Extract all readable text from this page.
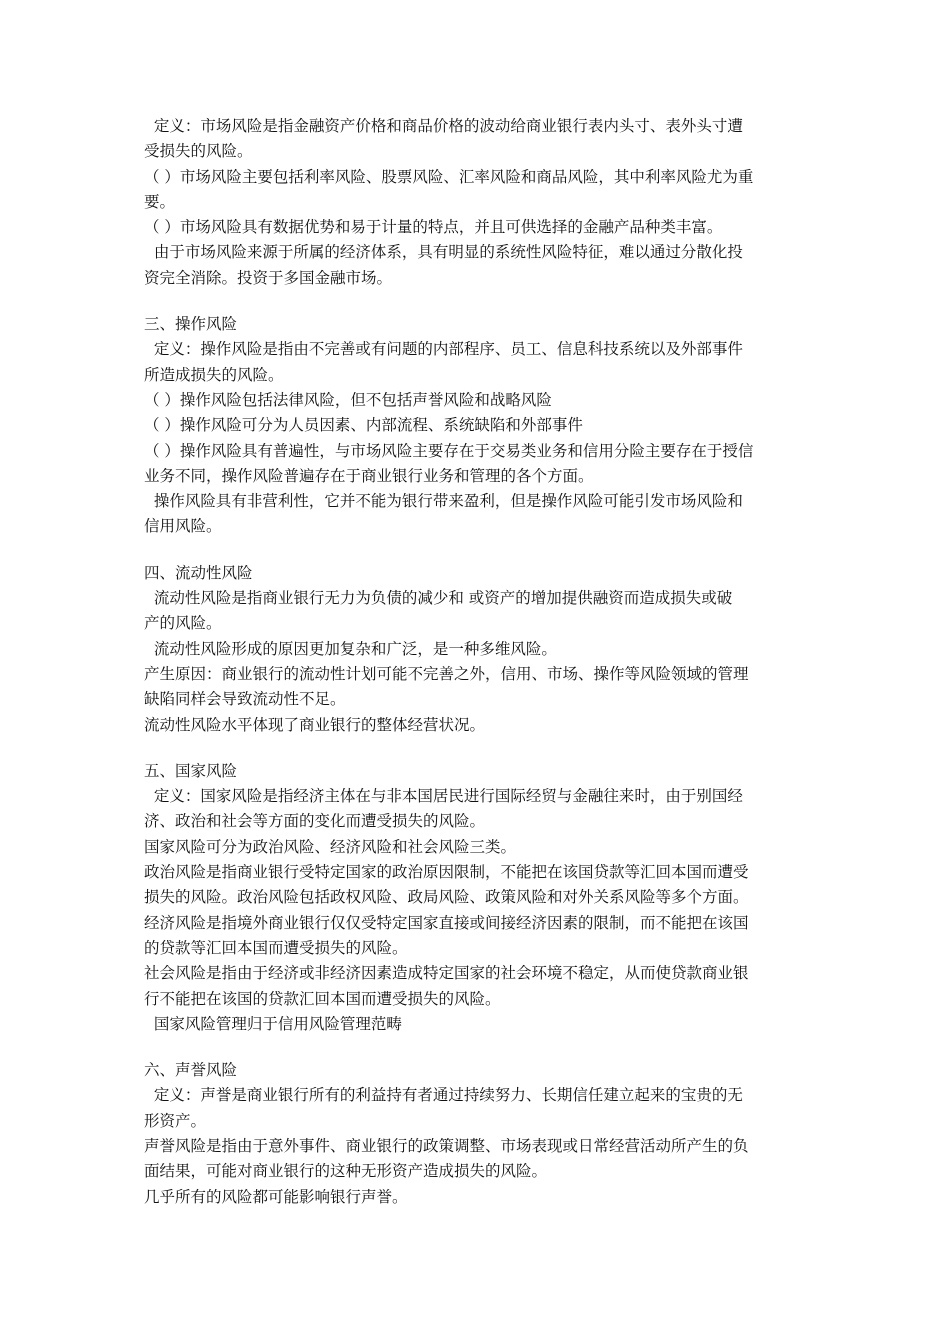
定义：市场风险是指金融资产价格和商品价格的波动给商业银行表内头寸、表外头寸遭
受损失的风险。
（ ）市场风险主要包括利率风险、股票风险、汇率风险和商品风险，其中利率风险尤为重
要。
（ ）市场风险具有数据优势和易于计量的特点，并且可供选择的金融产品种类丰富。
由于市场风险来源于所属的经济体系，具有明显的系统性风险特征，难以通过分散化投
资完全消除。投资于多国金融市场。
三、操作风险
定义：操作风险是指由不完善或有问题的内部程序、员工、信息科技系统以及外部事件
所造成损失的风险。
（ ）操作风险包括法律风险，但不包括声誉风险和战略风险
（ ）操作风险可分为人员因素、内部流程、系统缺陷和外部事件
（ ）操作风险具有普遍性，与市场风险主要存在于交易类业务和信用分险主要存在于授信
业务不同，操作风险普遍存在于商业银行业务和管理的各个方面。
操作风险具有非营利性，它并不能为银行带来盈利，但是操作风险可能引发市场风险和
信用风险。
四、流动性风险
流动性风险是指商业银行无力为负债的减少和 或资产的增加提供融资而造成损失或破
产的风险。
流动性风险形成的原因更加复杂和广泛，是一种多维风险。
产生原因：商业银行的流动性计划可能不完善之外，信用、市场、操作等风险领域的管理
缺陷同样会导致流动性不足。
流动性风险水平体现了商业银行的整体经营状况。
五、国家风险
定义：国家风险是指经济主体在与非本国居民进行国际经贸与金融往来时，由于别国经
济、政治和社会等方面的变化而遭受损失的风险。
国家风险可分为政治风险、经济风险和社会风险三类。
政治风险是指商业银行受特定国家的政治原因限制，不能把在该国贷款等汇回本国而遭受
损失的风险。政治风险包括政权风险、政局风险、政策风险和对外关系风险等多个方面。
经济风险是指境外商业银行仅仅受特定国家直接或间接经济因素的限制，而不能把在该国
的贷款等汇回本国而遭受损失的风险。
社会风险是指由于经济或非经济因素造成特定国家的社会环境不稳定，从而使贷款商业银
行不能把在该国的贷款汇回本国而遭受损失的风险。
国家风险管理归于信用风险管理范畴
六、声誉风险
定义：声誉是商业银行所有的利益持有者通过持续努力、长期信任建立起来的宝贵的无
形资产。
声誉风险是指由于意外事件、商业银行的政策调整、市场表现或日常经营活动所产生的负
面结果，可能对商业银行的这种无形资产造成损失的风险。
几乎所有的风险都可能影响银行声誉。
